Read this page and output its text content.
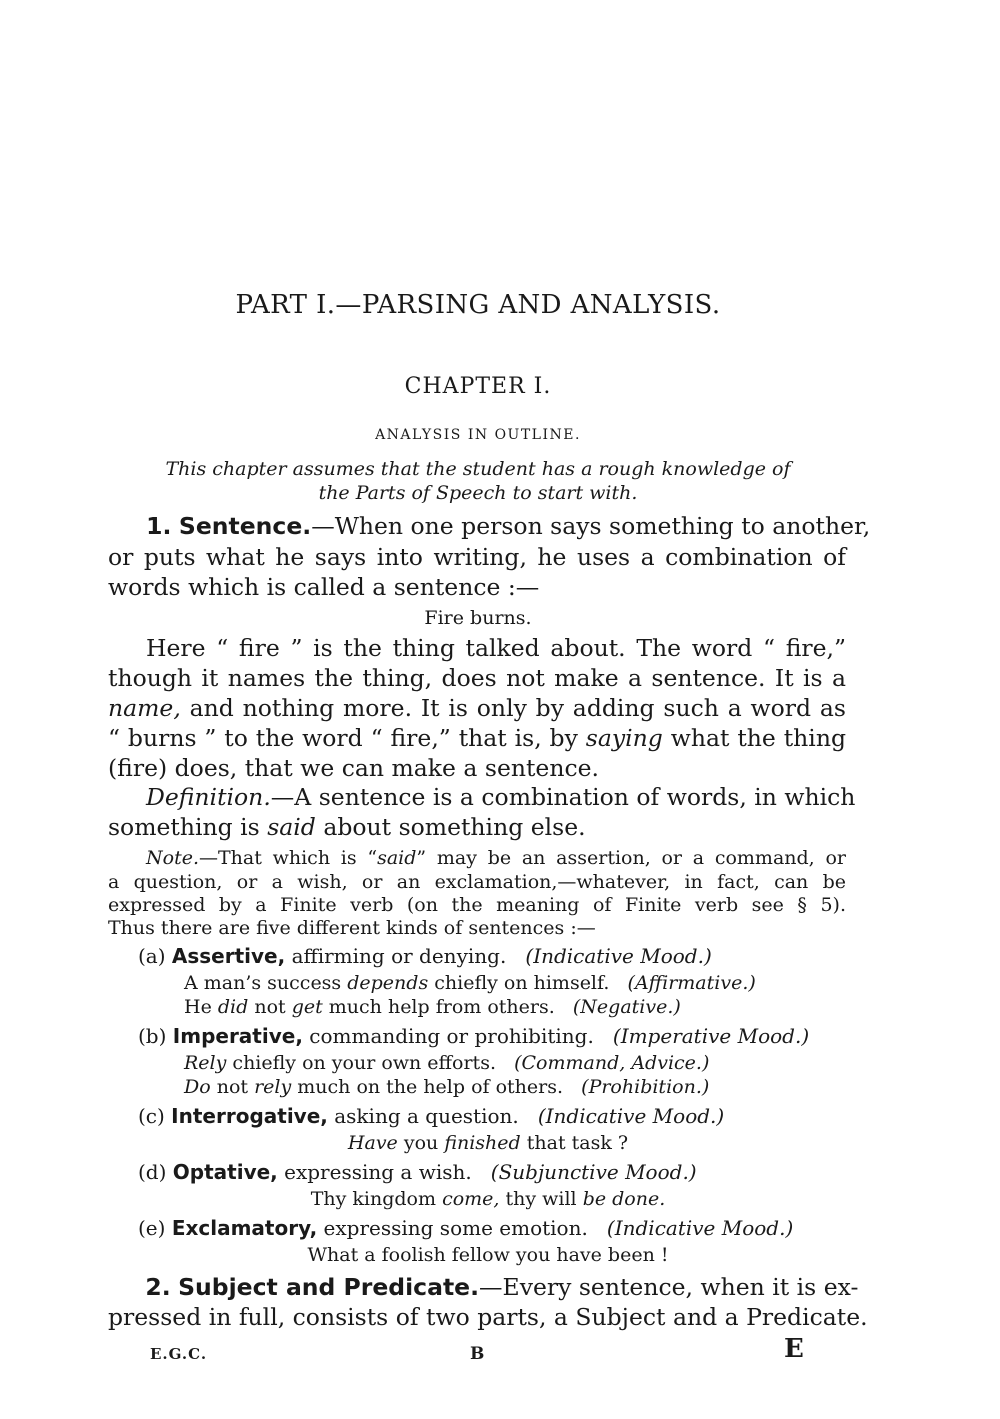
PART I.—PARSING AND ANALYSIS.
CHAPTER I.
ANALYSIS IN OUTLINE.
This chapter assumes that the student has a rough knowledge of
the Parts of Speech to start with.
1. Sentence.—When one person says something to another,
or puts what he says into writing, he uses a combination of
words which is called a sentence :—
Fire burns.
Here “ fire ” is the thing talked about. The word “ fire,”
though it names the thing, does not make a sentence. It is a
name, and nothing more. It is only by adding such a word as
“ burns ” to the word “ fire,” that is, by saying what the thing
(fire) does, that we can make a sentence.
Definition.—A sentence is a combination of words, in which
something is said about something else.
Note.—That which is “said” may be an assertion, or a command, or
a question, or a wish, or an exclamation,—whatever, in fact, can be
expressed by a Finite verb (on the meaning of Finite verb see § 5).
Thus there are five different kinds of sentences :—
(a) Assertive, affirming or denying. (Indicative Mood.)
A man’s success depends chiefly on himself. (Affirmative.)
He did not get much help from others. (Negative.)
(b) Imperative, commanding or prohibiting. (Imperative Mood.)
Rely chiefly on your own efforts. (Command, Advice.)
Do not rely much on the help of others. (Prohibition.)
(c) Interrogative, asking a question. (Indicative Mood.)
Have you finished that task ?
(d) Optative, expressing a wish. (Subjunctive Mood.)
Thy kingdom come, thy will be done.
(e) Exclamatory, expressing some emotion. (Indicative Mood.)
What a foolish fellow you have been !
2. Subject and Predicate.—Every sentence, when it is ex-
pressed in full, consists of two parts, a Subject and a Predicate.
E.G.C.	B	E
